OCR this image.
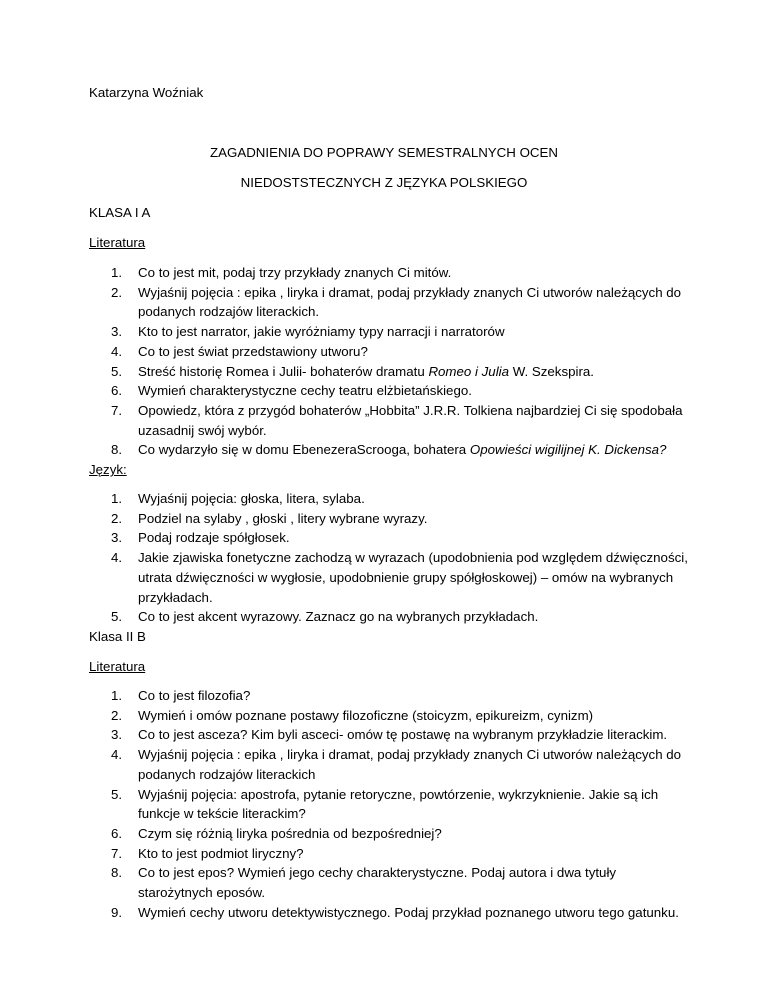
Katarzyna Woźniak
ZAGADNIENIA DO POPRAWY SEMESTRALNYCH OCEN
NIEDOSTSTECZNYCH Z JĘZYKA POLSKIEGO
KLASA I A
Literatura
1. Co to jest mit, podaj trzy przykłady znanych Ci mitów.
2. Wyjaśnij pojęcia : epika , liryka i dramat, podaj przykłady znanych Ci utworów należących do
podanych rodzajów literackich.
3. Kto to jest narrator, jakie wyróżniamy typy narracji i narratorów
4. Co to jest świat przedstawiony utworu?
5. Streść historię Romea i Julii- bohaterów dramatu Romeo i Julia W. Szekspira.
6. Wymień charakterystyczne cechy teatru elżbietańskiego.
7. Opowiedz, która z przygód bohaterów „Hobbita” J.R.R. Tolkiena najbardziej Ci się spodobała
uzasadnij swój wybór.
8. Co wydarzyło się w domu EbenezeraScrooga, bohatera Opowieści wigilijnej K. Dickensa?
Język:
1. Wyjaśnij pojęcia: głoska, litera, sylaba.
2. Podziel na sylaby , głoski , litery wybrane wyrazy.
3. Podaj rodzaje spółgłosek.
4. Jakie zjawiska fonetyczne zachodzą w wyrazach (upodobnienia pod względem dźwięczności,
utrata dźwięczności w wygłosie, upodobnienie grupy spółgłoskowej) – omów na wybranych
przykładach.
5. Co to jest akcent wyrazowy. Zaznacz go na wybranych przykładach.
Klasa II B
Literatura
1. Co to jest filozofia?
2. Wymień i omów poznane postawy filozoficzne (stoicyzm, epikureizm, cynizm)
3. Co to jest asceza? Kim byli asceci- omów tę postawę na wybranym przykładzie literackim.
4. Wyjaśnij pojęcia : epika , liryka i dramat, podaj przykłady znanych Ci utworów należących do
podanych rodzajów literackich
5. Wyjaśnij pojęcia: apostrofa, pytanie retoryczne, powtórzenie, wykrzyknienie. Jakie są ich
funkcje w tekście literackim?
6. Czym się różnią liryka pośrednia od bezpośredniej?
7. Kto to jest podmiot liryczny?
8. Co to jest epos? Wymień jego cechy charakterystyczne. Podaj autora i dwa tytuły
starożytnych eposów.
9. Wymień cechy utworu detektywistycznego. Podaj przykład poznanego utworu tego gatunku.
